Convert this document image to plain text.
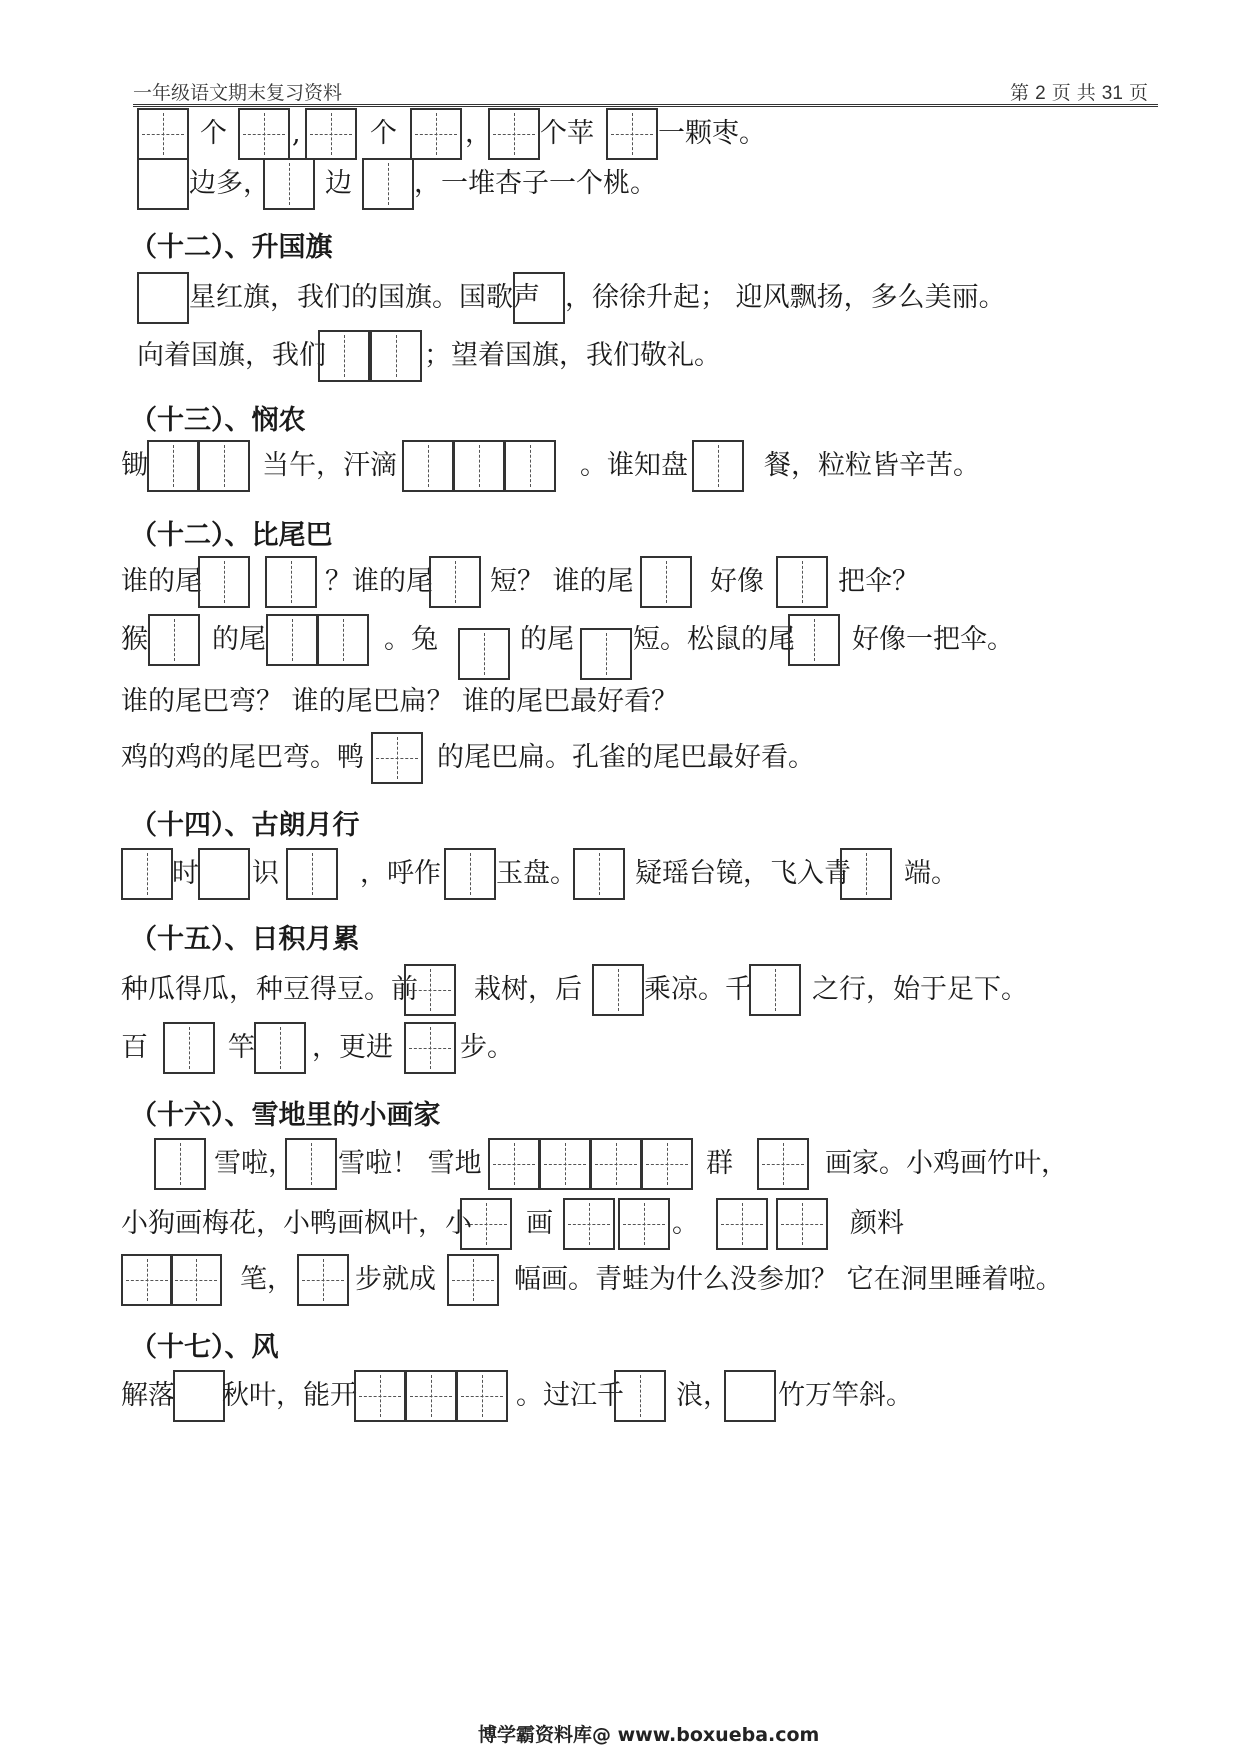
一年级语文期末复习资料	第 2 页 共 31 页
个 ,	个	， 个苹 一颗枣。
边多， 边 ，一堆杏子一个桃。
（十二）、升国旗
星红旗，我们的国旗。国歌声 ，徐徐升起； 迎风飘扬，多么美丽。
向着国旗，我们	；望着国旗，我们敬礼。
（十三）、悯农
锄	当午，汗滴	。谁知盘	餐，粒粒皆辛苦。
（十二）、比尾巴
谁的尾	？谁的尾 短？ 谁的尾	好像	把伞？
猴 的尾	。兔	的尾 短。松鼠的尾 好像一把伞。
谁的尾巴弯？ 谁的尾巴扁？ 谁的尾巴最好看？
鸡的鸡的尾巴弯。鸭	的尾巴扁。孔雀的尾巴最好看。
（十四）、古朗月行
时 识	，呼作 玉盘。 疑瑶台镜，飞入青 端。
（十五）、日积月累
种瓜得瓜，种豆得豆。前 栽树，后 乘凉。千 之行，始于足下。
百	竿 ，更进 步。
（十六）、雪地里的小画家
雪啦， 雪啦！ 雪地	群	画家。小鸡画竹叶，
小狗画梅花，小鸭画枫叶，小 画	。	颜料
笔， 步就成	幅画。青蛙为什么没参加？ 它在洞里睡着啦。
（十七）、风
解落 秋叶，能开	。过江千 浪， 竹万竿斜。
博学霸资料库@ www.boxueba.com
